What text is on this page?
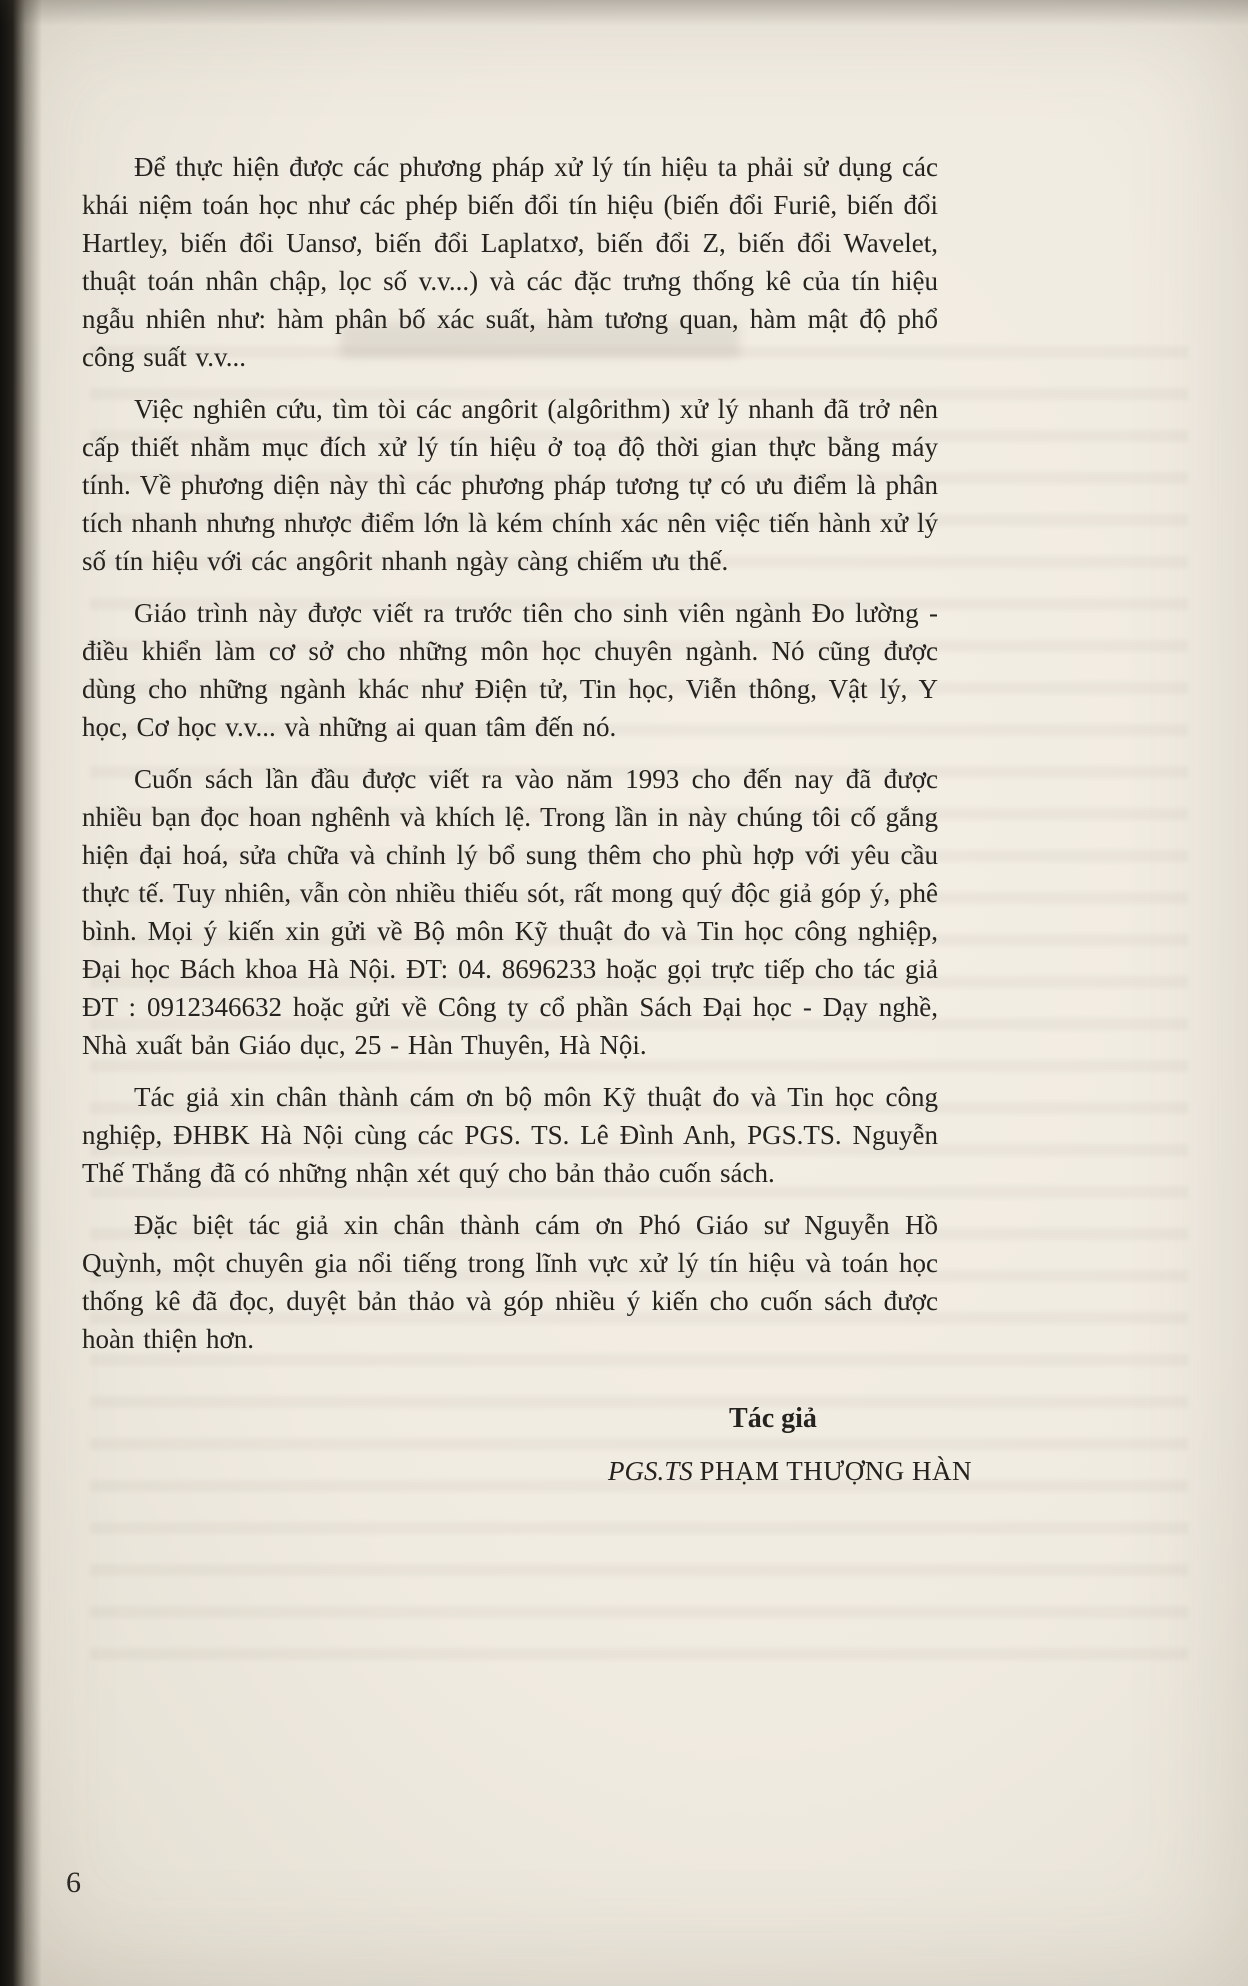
Để thực hiện được các phương pháp xử lý tín hiệu ta phải sử dụng các khái niệm toán học như các phép biến đổi tín hiệu (biến đổi Furiê, biến đổi Hartley, biến đổi Uansơ, biến đổi Laplatxơ, biến đổi Z, biến đổi Wavelet, thuật toán nhân chập, lọc số v.v...) và các đặc trưng thống kê của tín hiệu ngẫu nhiên như: hàm phân bố xác suất, hàm tương quan, hàm mật độ phổ công suất v.v...

Việc nghiên cứu, tìm tòi các angôrit (algôrithm) xử lý nhanh đã trở nên cấp thiết nhằm mục đích xử lý tín hiệu ở toạ độ thời gian thực bằng máy tính. Về phương diện này thì các phương pháp tương tự có ưu điểm là phân tích nhanh nhưng nhược điểm lớn là kém chính xác nên việc tiến hành xử lý số tín hiệu với các angôrit nhanh ngày càng chiếm ưu thế.

Giáo trình này được viết ra trước tiên cho sinh viên ngành Đo lường - điều khiển làm cơ sở cho những môn học chuyên ngành. Nó cũng được dùng cho những ngành khác như Điện tử, Tin học, Viễn thông, Vật lý, Y học, Cơ học v.v... và những ai quan tâm đến nó.

Cuốn sách lần đầu được viết ra vào năm 1993 cho đến nay đã được nhiều bạn đọc hoan nghênh và khích lệ. Trong lần in này chúng tôi cố gắng hiện đại hoá, sửa chữa và chỉnh lý bổ sung thêm cho phù hợp với yêu cầu thực tế. Tuy nhiên, vẫn còn nhiều thiếu sót, rất mong quý độc giả góp ý, phê bình. Mọi ý kiến xin gửi về Bộ môn Kỹ thuật đo và Tin học công nghiệp, Đại học Bách khoa Hà Nội. ĐT: 04. 8696233 hoặc gọi trực tiếp cho tác giả ĐT : 0912346632 hoặc gửi về Công ty cổ phần Sách Đại học - Dạy nghề, Nhà xuất bản Giáo dục, 25 - Hàn Thuyên, Hà Nội.

Tác giả xin chân thành cám ơn bộ môn Kỹ thuật đo và Tin học công nghiệp, ĐHBK Hà Nội cùng các PGS. TS. Lê Đình Anh, PGS.TS. Nguyễn Thế Thắng đã có những nhận xét quý cho bản thảo cuốn sách.

Đặc biệt tác giả xin chân thành cám ơn Phó Giáo sư Nguyễn Hồ Quỳnh, một chuyên gia nổi tiếng trong lĩnh vực xử lý tín hiệu và toán học thống kê đã đọc, duyệt bản thảo và góp nhiều ý kiến cho cuốn sách được hoàn thiện hơn.

Tác giả
PGS.TS PHẠM THƯỢNG HÀN
6
